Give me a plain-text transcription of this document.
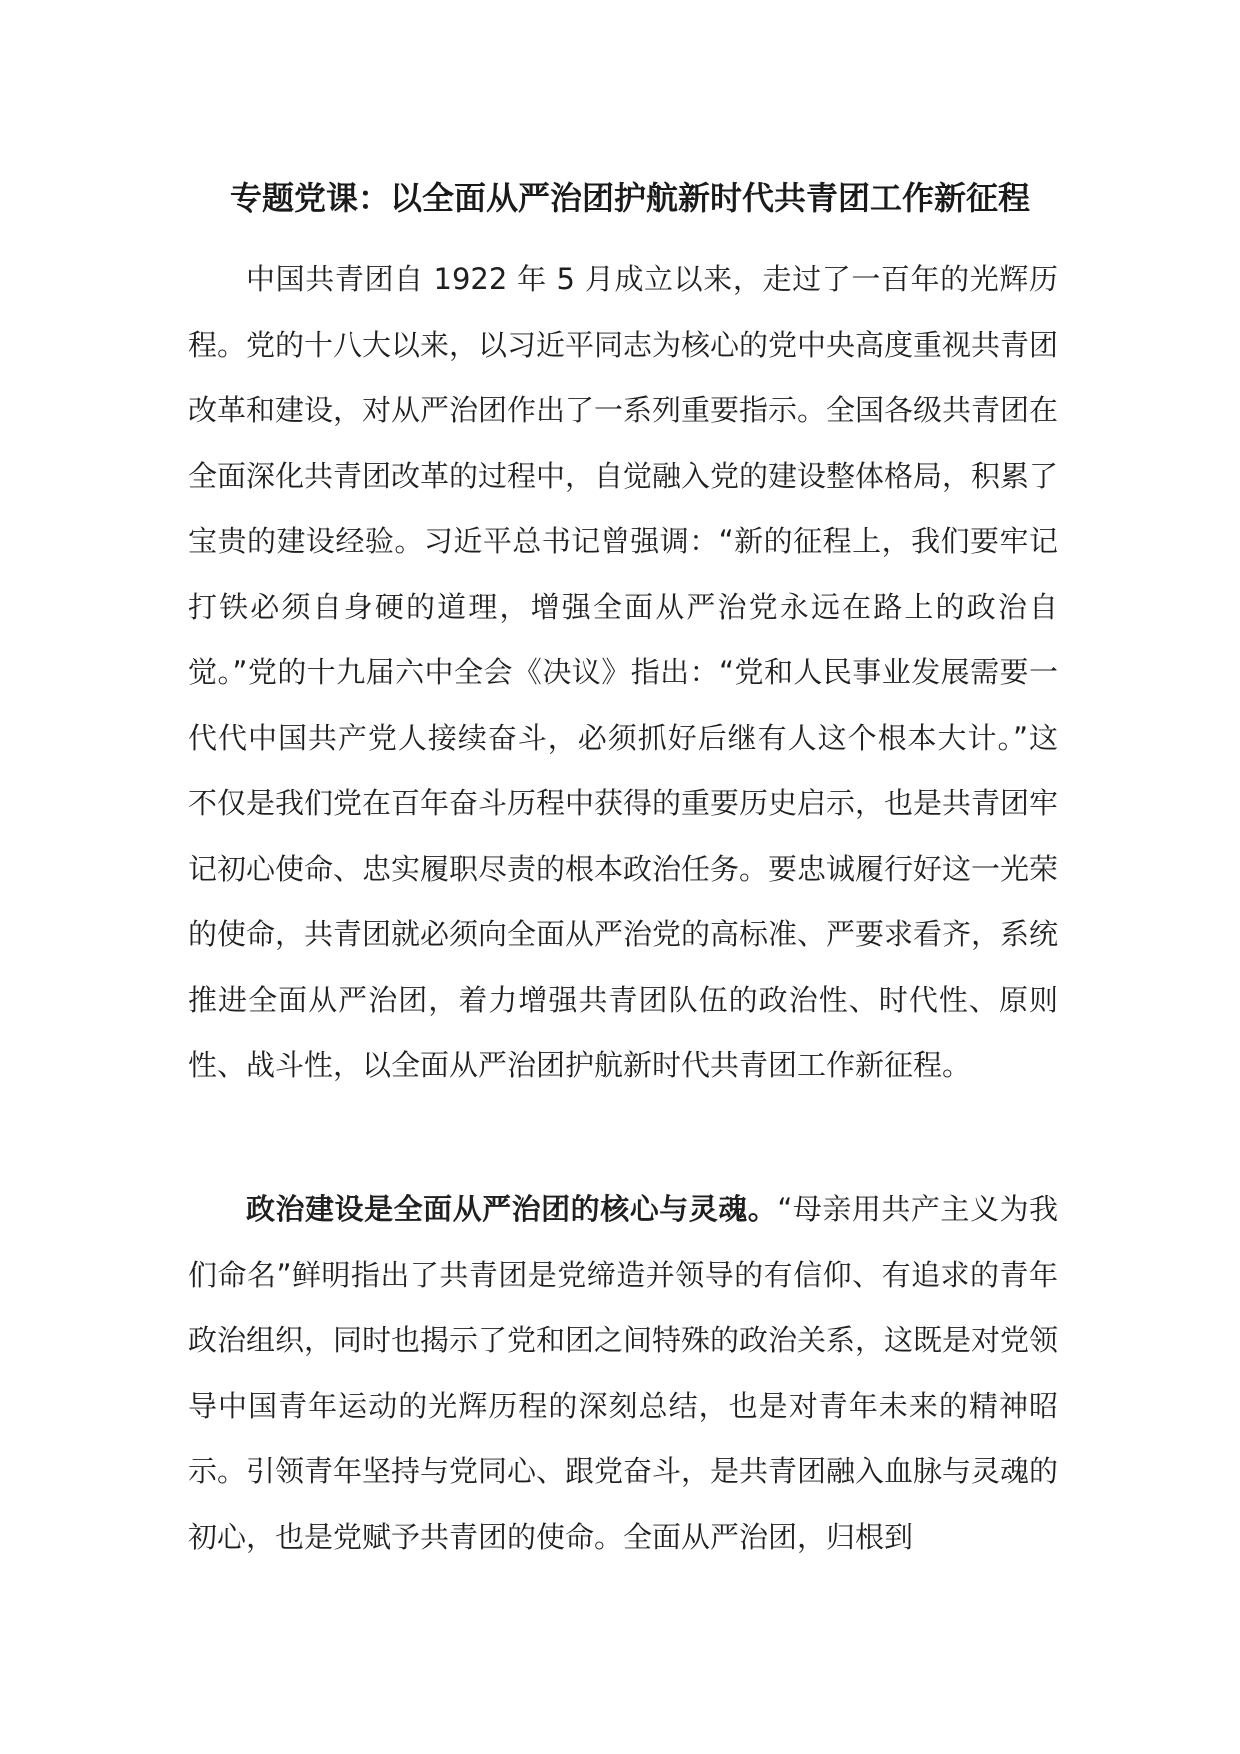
专题党课：以全面从严治团护航新时代共青团工作新征程

中国共青团自 1922 年 5 月成立以来，走过了一百年的光辉历程。党的十八大以来，以习近平同志为核心的党中央高度重视共青团改革和建设，对从严治团作出了一系列重要指示。全国各级共青团在全面深化共青团改革的过程中，自觉融入党的建设整体格局，积累了宝贵的建设经验。习近平总书记曾强调：“新的征程上，我们要牢记打铁必须自身硬的道理，增强全面从严治党永远在路上的政治自觉。”党的十九届六中全会《决议》指出：“党和人民事业发展需要一代代中国共产党人接续奋斗，必须抓好后继有人这个根本大计。”这不仅是我们党在百年奋斗历程中获得的重要历史启示，也是共青团牢记初心使命、忠实履职尽责的根本政治任务。要忠诚履行好这一光荣的使命，共青团就必须向全面从严治党的高标准、严要求看齐，系统推进全面从严治团，着力增强共青团队伍的政治性、时代性、原则性、战斗性，以全面从严治团护航新时代共青团工作新征程。

政治建设是全面从严治团的核心与灵魂。“母亲用共产主义为我们命名”鲜明指出了共青团是党缔造并领导的有信仰、有追求的青年政治组织，同时也揭示了党和团之间特殊的政治关系，这既是对党领导中国青年运动的光辉历程的深刻总结，也是对青年未来的精神昭示。引领青年坚持与党同心、跟党奋斗，是共青团融入血脉与灵魂的初心，也是党赋予共青团的使命。全面从严治团，归根到
